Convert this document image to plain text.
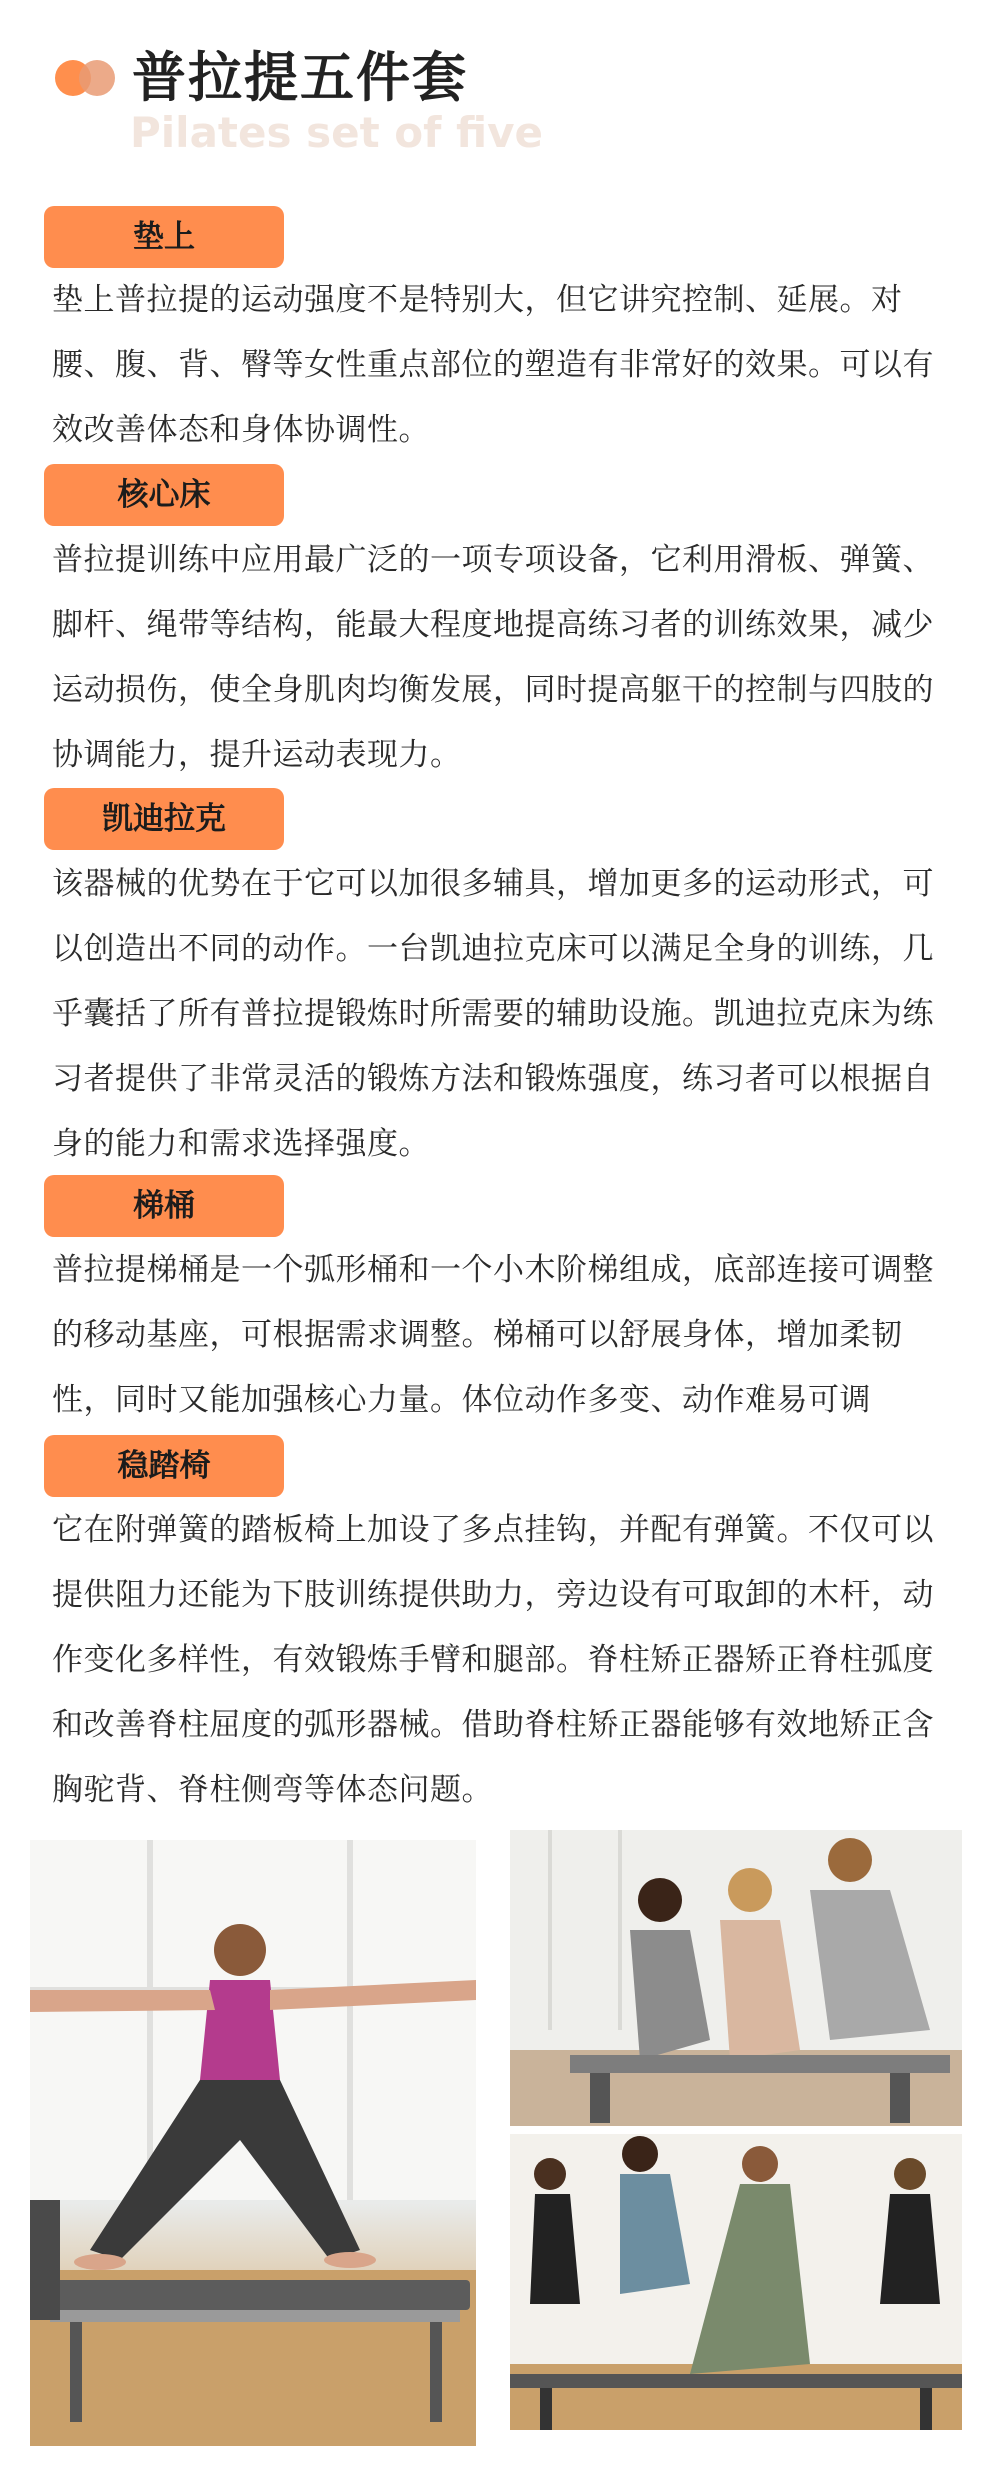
普拉提五件套
Pilates set of five
垫上
垫上普拉提的运动强度不是特别大，但它讲究控制、延展。对腰、腹、背、臀等女性重点部位的塑造有非常好的效果。可以有效改善体态和身体协调性。
核心床
普拉提训练中应用最广泛的一项专项设备，它利用滑板、弹簧、脚杆、绳带等结构，能最大程度地提高练习者的训练效果，减少运动损伤，使全身肌肉均衡发展，同时提高躯干的控制与四肢的协调能力，提升运动表现力。
凯迪拉克
该器械的优势在于它可以加很多辅具，增加更多的运动形式，可以创造出不同的动作。一台凯迪拉克床可以满足全身的训练，几乎囊括了所有普拉提锻炼时所需要的辅助设施。凯迪拉克床为练习者提供了非常灵活的锻炼方法和锻炼强度，练习者可以根据自身的能力和需求选择强度。
梯桶
普拉提梯桶是一个弧形桶和一个小木阶梯组成，底部连接可调整的移动基座，可根据需求调整。梯桶可以舒展身体，增加柔韧性，同时又能加强核心力量。体位动作多变、动作难易可调
稳踏椅
它在附弹簧的踏板椅上加设了多点挂钩，并配有弹簧。不仅可以提供阻力还能为下肢训练提供助力，旁边设有可取卸的木杆，动作变化多样性，有效锻炼手臂和腿部。脊柱矫正器矫正脊柱弧度和改善脊柱屈度的弧形器械。借助脊柱矫正器能够有效地矫正含胸驼背、脊柱侧弯等体态问题。
